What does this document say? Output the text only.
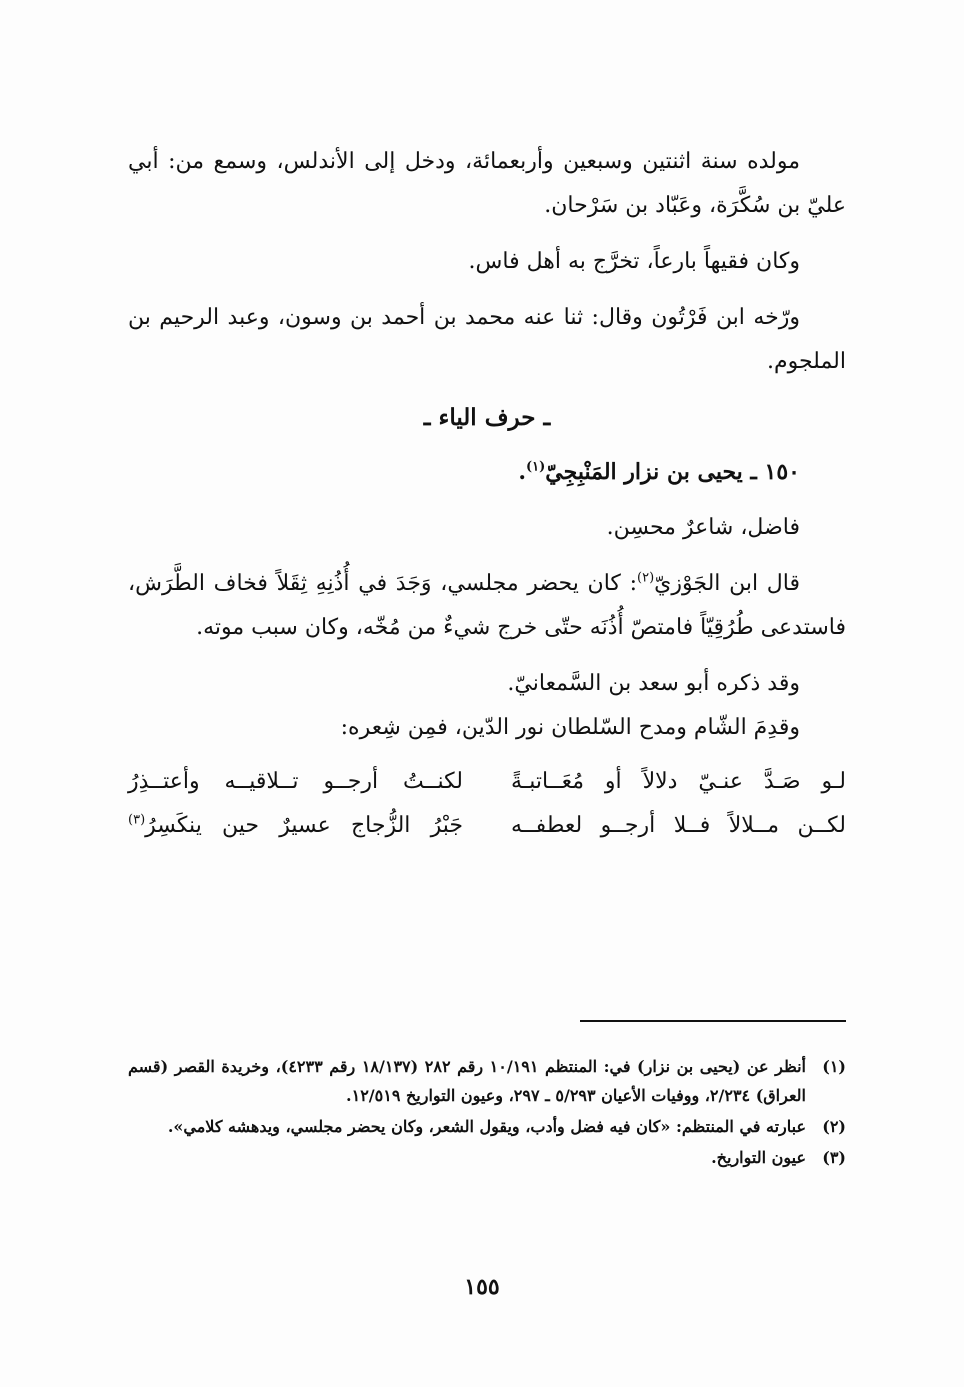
مولده سنة اثنتين وسبعين وأربعمائة، ودخل إلى الأندلس، وسمع من: أبي عليّ بن سُكَّرَة، وعَبّاد بن سَرْحان.

وكان فقيهاً بارعاً، تخرَّج به أهل فاس.

ورّخه ابن فَرْتُون وقال: ثنا عنه محمد بن أحمد بن وسون، وعبد الرحيم بن الملجوم.

ـ حرف الياء ـ
١٥٠ ـ يحيى بن نزار المَنْبِجِيّ$^{(١)}$.

فاضل، شاعرٌ محسِن.

قال ابن الجَوْزيّ$^{(٢)}$: كان يحضر مجلسي، وَجَدَ في أُذُنِهِ ثِقَلاً فخاف الطَّرَش، فاستدعى طُرُقِيّاً فامتصّ أُذُنَه حتّى خرج شيءٌ من مُخّه، وكان سبب موته.

وقد ذكره أبو سعد بن السَّمعانيّ.

وقدِمَ الشّام ومدح السّلطان نور الدّين، فمِن شِعره:

لـو صَـدَّ عنـيّ دلالاً أو مُعَــاتبـةً
لكنــتُ أرجــو تــلاقيــه وأعتــذِرُ
لكــن مــلالاً فــلا أرجــو لعطفــه
جَبْرُ الزُّجاج عسيرٌ حين ينكَسِرُ$^{(٣)}$
(١)
أنظر عن (يحيى بن نزار) في: المنتظم ١٠/١٩١ رقم ٢٨٢ (١٨/١٣٧ رقم ٤٢٣٣)، وخريدة القصر (قسم العراق) ٢/٢٣٤، ووفيات الأعيان ٥/٢٩٣ ـ ٢٩٧، وعيون التواريخ ١٢/٥١٩.
(٢)
عبارته في المنتظم: «كان فيه فضل وأدب، ويقول الشعر، وكان يحضر مجلسي، ويدهشه كلامي».
(٣)
عيون التواريخ.
١٥٥
